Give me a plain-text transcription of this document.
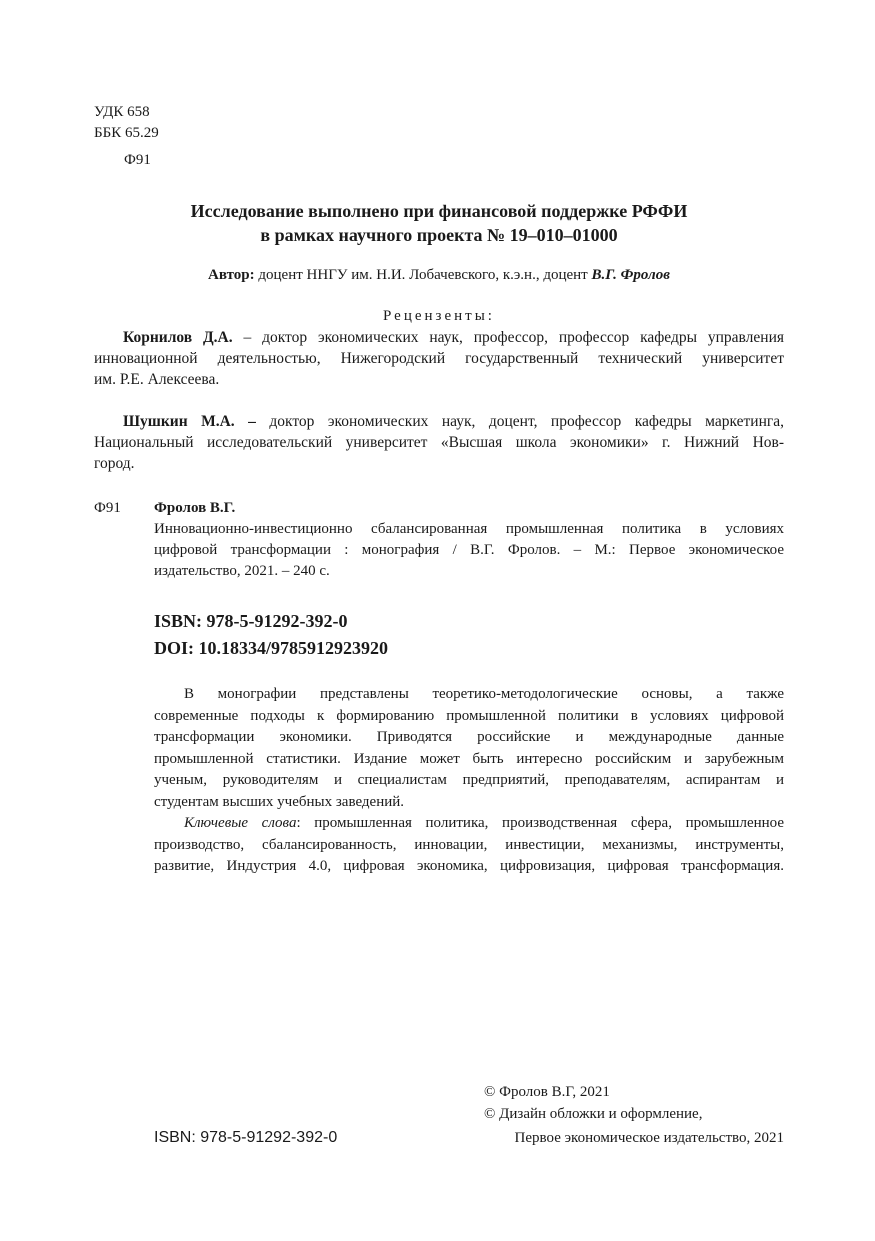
УДК 658
ББК 65.29
Ф91
Исследование выполнено при финансовой поддержке РФФИ
в рамках научного проекта № 19–010–01000
Автор: доцент ННГУ им. Н.И. Лобачевского, к.э.н., доцент В.Г. Фролов
Рецензенты:
Корнилов Д.А. – доктор экономических наук, профессор, профессор кафедры управления
инновационной деятельностью, Нижегородский государственный технический университет
им. Р.Е. Алексеева.
Шушкин М.А. – доктор экономических наук, доцент, профессор кафедры маркетинга,
Национальный исследовательский университет «Высшая школа экономики» г. Нижний Нов-
город.
Ф91 Фролов В.Г.
Инновационно-инвестиционно сбалансированная промышленная политика в условиях
цифровой трансформации : монография / В.Г. Фролов. – М.: Первое экономическое
издательство, 2021. – 240 с.
ISBN: 978-5-91292-392-0
DOI: 10.18334/9785912923920
В монографии представлены теоретико-методологические основы, а также
современные подходы к формированию промышленной политики в условиях цифровой
трансформации экономики. Приводятся российские и международные данные
промышленной статистики. Издание может быть интересно российским и зарубежным
ученым, руководителям и специалистам предприятий, преподавателям, аспирантам и
студентам высших учебных заведений.
Ключевые слова: промышленная политика, производственная сфера, промышленное
производство, сбалансированность, инновации, инвестиции, механизмы, инструменты,
развитие, Индустрия 4.0, цифровая экономика, цифровизация, цифровая трансформация.
© Фролов В.Г, 2021
© Дизайн обложки и оформление,
ISBN: 978-5-91292-392-0	Первое экономическое издательство, 2021
